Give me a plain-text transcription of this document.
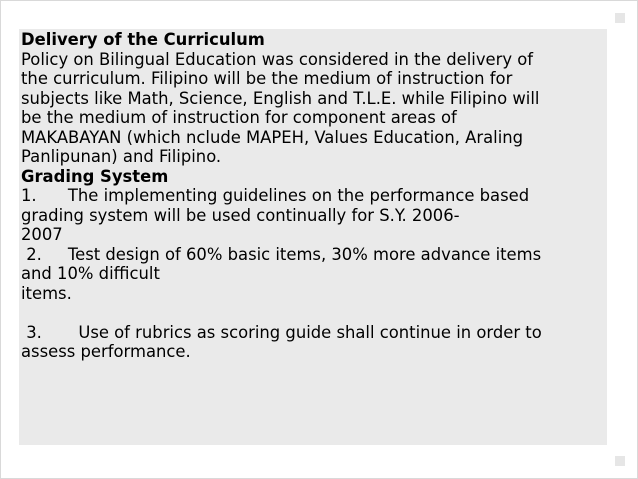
Delivery of the Curriculum
Policy on Bilingual Education was considered in the delivery of
the curriculum. Filipino will be the medium of instruction for
subjects like Math, Science, English and T.L.E. while Filipino will
be the medium of instruction for component areas of
MAKABAYAN (which nclude MAPEH, Values Education, Araling
Panlipunan) and Filipino.
Grading System
1.      The implementing guidelines on the performance based
grading system will be used continually for S.Y. 2006-
2007
2.     Test design of 60% basic items, 30% more advance items
and 10% difficult
items.
3.       Use of rubrics as scoring guide shall continue in order to
assess performance.
